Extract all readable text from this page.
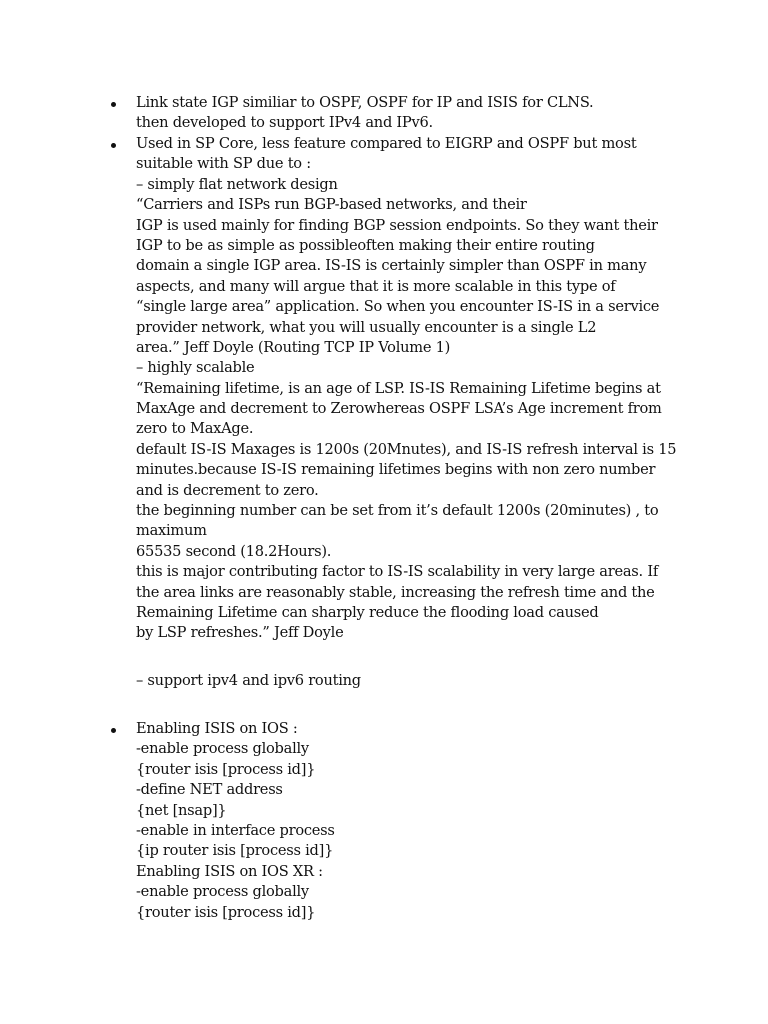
Link state IGP similiar to OSPF, OSPF for IP and ISIS for CLNS.
then developed to support IPv4 and IPv6.
Used in SP Core, less feature compared to EIGRP and OSPF but most
suitable with SP due to :
– simply flat network design
“Carriers and ISPs run BGP-based networks, and their
IGP is used mainly for finding BGP session endpoints. So they want their
IGP to be as simple as possibleoften making their entire routing
domain a single IGP area. IS-IS is certainly simpler than OSPF in many
aspects, and many will argue that it is more scalable in this type of
“single large area” application. So when you encounter IS-IS in a service
provider network, what you will usually encounter is a single L2
area.” Jeff Doyle (Routing TCP IP Volume 1)
– highly scalable
“Remaining lifetime, is an age of LSP. IS-IS Remaining Lifetime begins at
MaxAge and decrement to Zerowhereas OSPF LSA’s Age increment from
zero to MaxAge.
default IS-IS Maxages is 1200s (20Mnutes), and IS-IS refresh interval is 15
minutes.because IS-IS remaining lifetimes begins with non zero number
and is decrement to zero.
the beginning number can be set from it’s default 1200s (20minutes) , to
maximum
65535 second (18.2Hours).
this is major contributing factor to IS-IS scalability in very large areas. If
the area links are reasonably stable, increasing the refresh time and the
Remaining Lifetime can sharply reduce the flooding load caused
by LSP refreshes.” Jeff Doyle
– support ipv4 and ipv6 routing
Enabling ISIS on IOS :
-enable process globally
{router isis [process id]}
-define NET address
{net [nsap]}
-enable in interface process
{ip router isis [process id]}
Enabling ISIS on IOS XR :
-enable process globally
{router isis [process id]}
